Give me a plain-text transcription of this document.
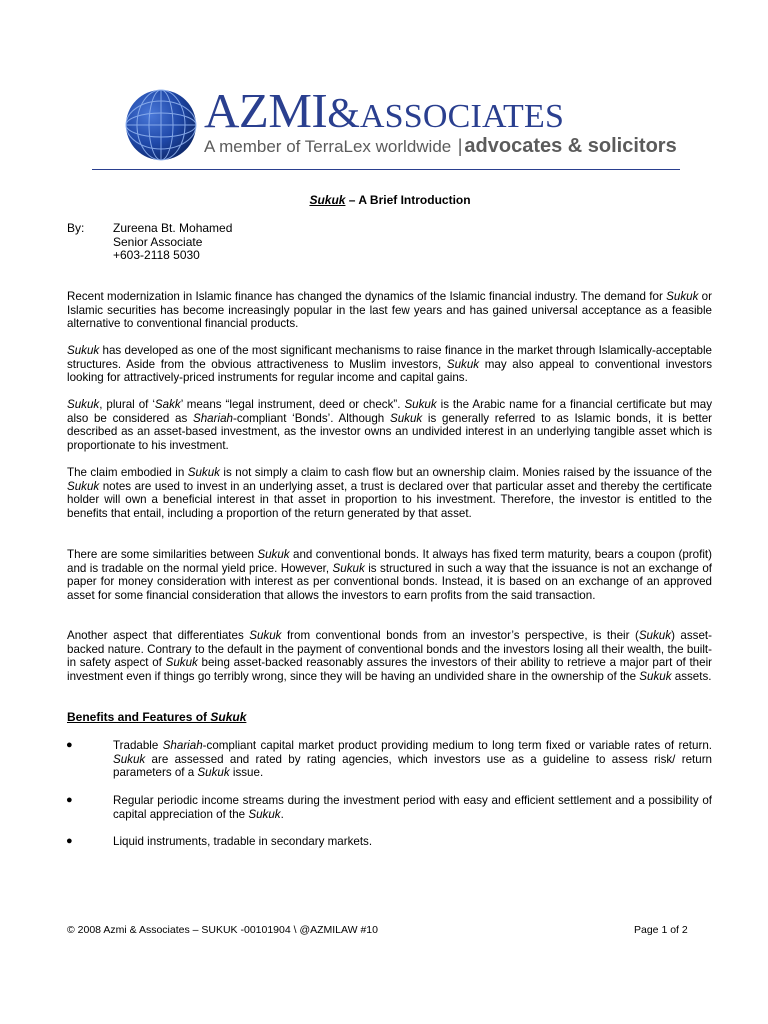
AZMI&ASSOCIATES
A member of TerraLex worldwide | advocates & solicitors
Sukuk – A Brief Introduction
By: Zureena Bt. Mohamed
Senior Associate
+603-2118 5030

Recent modernization in Islamic finance has changed the dynamics of the Islamic financial industry. The demand for Sukuk or Islamic securities has become increasingly popular in the last few years and has gained universal acceptance as a feasible alternative to conventional financial products.

Sukuk has developed as one of the most significant mechanisms to raise finance in the market through Islamically-acceptable structures. Aside from the obvious attractiveness to Muslim investors, Sukuk may also appeal to conventional investors looking for attractively-priced instruments for regular income and capital gains.

Sukuk, plural of ‘Sakk’ means “legal instrument, deed or check”. Sukuk is the Arabic name for a financial certificate but may also be considered as Shariah-compliant ‘Bonds’. Although Sukuk is generally referred to as Islamic bonds, it is better described as an asset-based investment, as the investor owns an undivided interest in an underlying tangible asset which is proportionate to his investment.

The claim embodied in Sukuk is not simply a claim to cash flow but an ownership claim. Monies raised by the issuance of the Sukuk notes are used to invest in an underlying asset, a trust is declared over that particular asset and thereby the certificate holder will own a beneficial interest in that asset in proportion to his investment. Therefore, the investor is entitled to the benefits that entail, including a proportion of the return generated by that asset.

There are some similarities between Sukuk and conventional bonds. It always has fixed term maturity, bears a coupon (profit) and is tradable on the normal yield price. However, Sukuk is structured in such a way that the issuance is not an exchange of paper for money consideration with interest as per conventional bonds. Instead, it is based on an exchange of an approved asset for some financial consideration that allows the investors to earn profits from the said transaction.

Another aspect that differentiates Sukuk from conventional bonds from an investor’s perspective, is their (Sukuk) asset-backed nature. Contrary to the default in the payment of conventional bonds and the investors losing all their wealth, the built-in safety aspect of Sukuk being asset-backed reasonably assures the investors of their ability to retrieve a major part of their investment even if things go terribly wrong, since they will be having an undivided share in the ownership of the Sukuk assets.

Benefits and Features of Sukuk
●	Tradable Shariah-compliant capital market product providing medium to long term fixed or variable rates of return. Sukuk are assessed and rated by rating agencies, which investors use as a guideline to assess risk/ return parameters of a Sukuk issue.

●	Regular periodic income streams during the investment period with easy and efficient settlement and a possibility of capital appreciation of the Sukuk.

●	Liquid instruments, tradable in secondary markets.

© 2008 Azmi & Associates – SUKUK -00101904 \ @AZMILAW #10	Page 1 of 2
